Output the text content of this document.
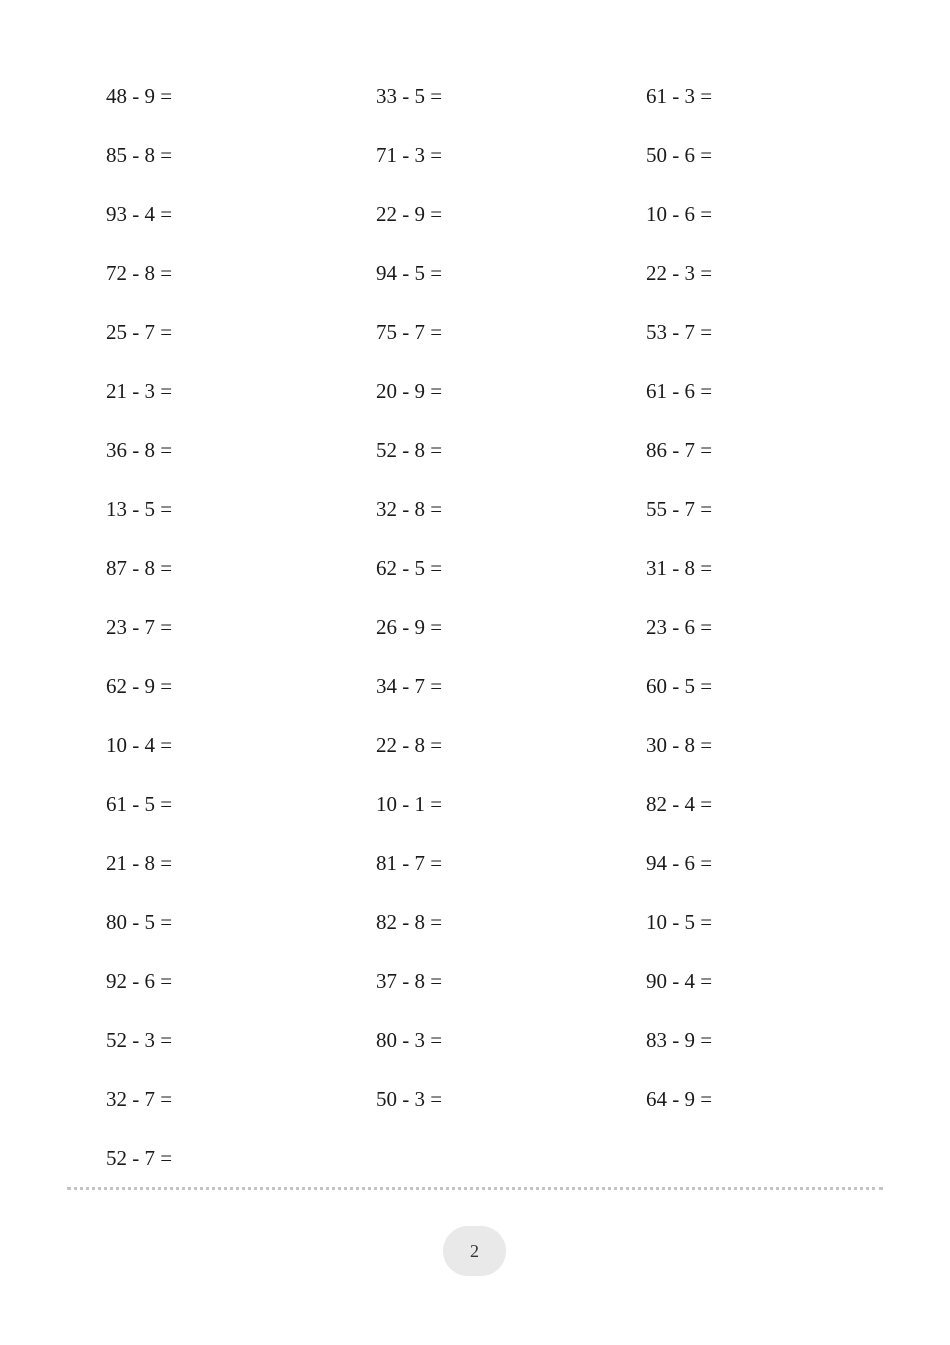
48 - 9 =	33 - 5 =	61 - 3 =
85 - 8 =	71 - 3 =	50 - 6 =
93 - 4 =	22 - 9 =	10 - 6 =
72 - 8 =	94 - 5 =	22 - 3 =
25 - 7 =	75 - 7 =	53 - 7 =
21 - 3 =	20 - 9 =	61 - 6 =
36 - 8 =	52 - 8 =	86 - 7 =
13 - 5 =	32 - 8 =	55 - 7 =
87 - 8 =	62 - 5 =	31 - 8 =
23 - 7 =	26 - 9 =	23 - 6 =
62 - 9 =	34 - 7 =	60 - 5 =
10 - 4 =	22 - 8 =	30 - 8 =
61 - 5 =	10 - 1 =	82 - 4 =
21 - 8 =	81 - 7 =	94 - 6 =
80 - 5 =	82 - 8 =	10 - 5 =
92 - 6 =	37 - 8 =	90 - 4 =
52 - 3 =	80 - 3 =	83 - 9 =
32 - 7 =	50 - 3 =	64 - 9 =
52 - 7 =
2
